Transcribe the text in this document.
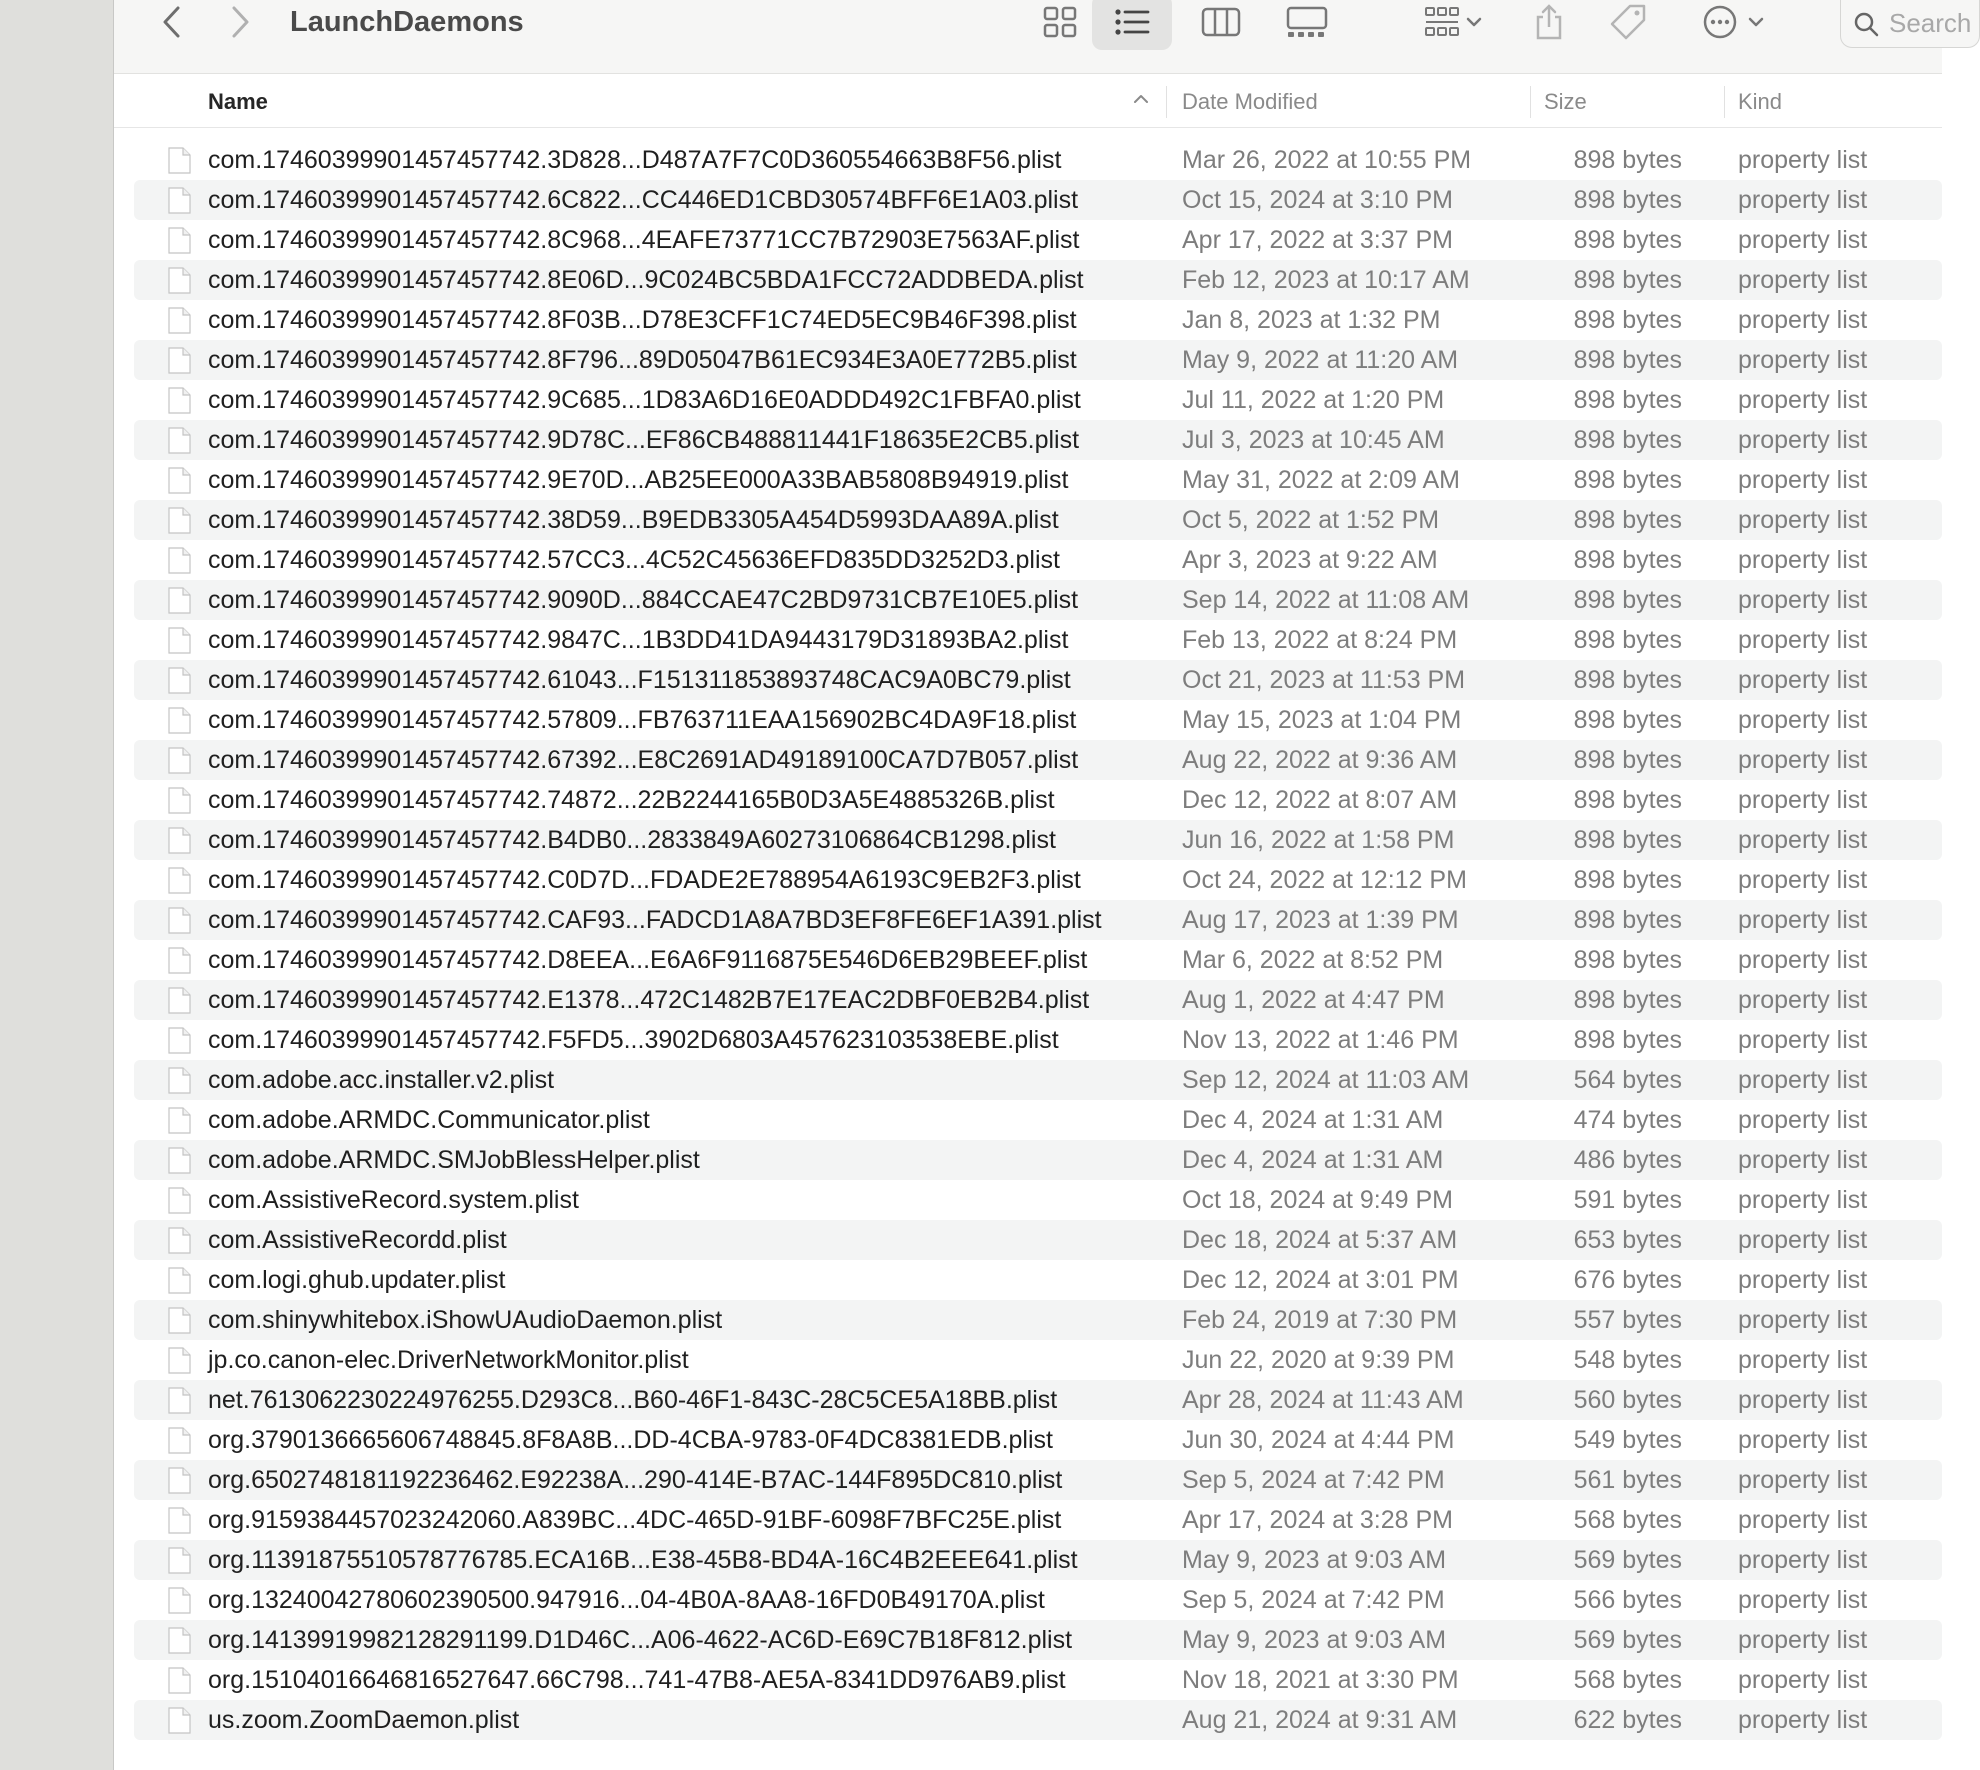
LaunchDaemons	Search
Name	Date Modified	Size	Kind
com.17460399901457457742.3D828...D487A7F7C0D360554663B8F56.plist	Mar 26, 2022 at 10:55 PM	898 bytes property list
com.17460399901457457742.6C822...CC446ED1CBD30574BFF6E1A03.plist	Oct 15, 2024 at 3:10 PM	898 bytes property list
com.17460399901457457742.8C968...4EAFE73771CC7B72903E7563AF.plist	Apr 17, 2022 at 3:37 PM	898 bytes property list
com.17460399901457457742.8E06D...9C024BC5BDA1FCC72ADDBEDA.plist	Feb 12, 2023 at 10:17 AM	898 bytes property list
com.17460399901457457742.8F03B...D78E3CFF1C74ED5EC9B46F398.plist	Jan 8, 2023 at 1:32 PM	898 bytes property list
com.17460399901457457742.8F796...89D05047B61EC934E3A0E772B5.plist	May 9, 2022 at 11:20 AM	898 bytes property list
com.17460399901457457742.9C685...1D83A6D16E0ADDD492C1FBFA0.plist	Jul 11, 2022 at 1:20 PM	898 bytes property list
com.17460399901457457742.9D78C...EF86CB488811441F18635E2CB5.plist	Jul 3, 2023 at 10:45 AM	898 bytes property list
com.17460399901457457742.9E70D...AB25EE000A33BAB5808B94919.plist	May 31, 2022 at 2:09 AM	898 bytes property list
com.17460399901457457742.38D59...B9EDB3305A454D5993DAA89A.plist	Oct 5, 2022 at 1:52 PM	898 bytes property list
com.17460399901457457742.57CC3...4C52C45636EFD835DD3252D3.plist	Apr 3, 2023 at 9:22 AM	898 bytes property list
com.17460399901457457742.9090D...884CCAE47C2BD9731CB7E10E5.plist	Sep 14, 2022 at 11:08 AM	898 bytes property list
com.17460399901457457742.9847C...1B3DD41DA9443179D31893BA2.plist	Feb 13, 2022 at 8:24 PM	898 bytes property list
com.17460399901457457742.61043...F151311853893748CAC9A0BC79.plist	Oct 21, 2023 at 11:53 PM	898 bytes property list
com.17460399901457457742.57809...FB763711EAA156902BC4DA9F18.plist	May 15, 2023 at 1:04 PM	898 bytes property list
com.17460399901457457742.67392...E8C2691AD49189100CA7D7B057.plist	Aug 22, 2022 at 9:36 AM	898 bytes property list
com.17460399901457457742.74872...22B2244165B0D3A5E4885326B.plist	Dec 12, 2022 at 8:07 AM	898 bytes property list
com.17460399901457457742.B4DB0...2833849A60273106864CB1298.plist	Jun 16, 2022 at 1:58 PM	898 bytes property list
com.17460399901457457742.C0D7D...FDADE2E788954A6193C9EB2F3.plist	Oct 24, 2022 at 12:12 PM	898 bytes property list
com.17460399901457457742.CAF93...FADCD1A8A7BD3EF8FE6EF1A391.plist	Aug 17, 2023 at 1:39 PM	898 bytes property list
com.17460399901457457742.D8EEA...E6A6F9116875E546D6EB29BEEF.plist	Mar 6, 2022 at 8:52 PM	898 bytes property list
com.17460399901457457742.E1378...472C1482B7E17EAC2DBF0EB2B4.plist	Aug 1, 2022 at 4:47 PM	898 bytes property list
com.17460399901457457742.F5FD5...3902D6803A457623103538EBE.plist	Nov 13, 2022 at 1:46 PM	898 bytes property list
com.adobe.acc.installer.v2.plist	Sep 12, 2024 at 11:03 AM	564 bytes property list
com.adobe.ARMDC.Communicator.plist	Dec 4, 2024 at 1:31 AM	474 bytes property list
com.adobe.ARMDC.SMJobBlessHelper.plist	Dec 4, 2024 at 1:31 AM	486 bytes property list
com.AssistiveRecord.system.plist	Oct 18, 2024 at 9:49 PM	591 bytes property list
com.AssistiveRecordd.plist	Dec 18, 2024 at 5:37 AM	653 bytes property list
com.logi.ghub.updater.plist	Dec 12, 2024 at 3:01 PM	676 bytes property list
com.shinywhitebox.iShowUAudioDaemon.plist	Feb 24, 2019 at 7:30 PM	557 bytes property list
jp.co.canon-elec.DriverNetworkMonitor.plist	Jun 22, 2020 at 9:39 PM	548 bytes property list
net.7613062230224976255.D293C8...B60-46F1-843C-28C5CE5A18BB.plist	Apr 28, 2024 at 11:43 AM	560 bytes property list
org.3790136665606748845.8F8A8B...DD-4CBA-9783-0F4DC8381EDB.plist	Jun 30, 2024 at 4:44 PM	549 bytes property list
org.6502748181192236462.E92238A...290-414E-B7AC-144F895DC810.plist	Sep 5, 2024 at 7:42 PM	561 bytes property list
org.9159384457023242060.A839BC...4DC-465D-91BF-6098F7BFC25E.plist	Apr 17, 2024 at 3:28 PM	568 bytes property list
org.11391875510578776785.ECA16B...E38-45B8-BD4A-16C4B2EEE641.plist	May 9, 2023 at 9:03 AM	569 bytes property list
org.13240042780602390500.947916...04-4B0A-8AA8-16FD0B49170A.plist	Sep 5, 2024 at 7:42 PM	566 bytes property list
org.14139919982128291199.D1D46C...A06-4622-AC6D-E69C7B18F812.plist	May 9, 2023 at 9:03 AM	569 bytes property list
org.15104016646816527647.66C798...741-47B8-AE5A-8341DD976AB9.plist	Nov 18, 2021 at 3:30 PM	568 bytes property list
us.zoom.ZoomDaemon.plist	Aug 21, 2024 at 9:31 AM	622 bytes property list
